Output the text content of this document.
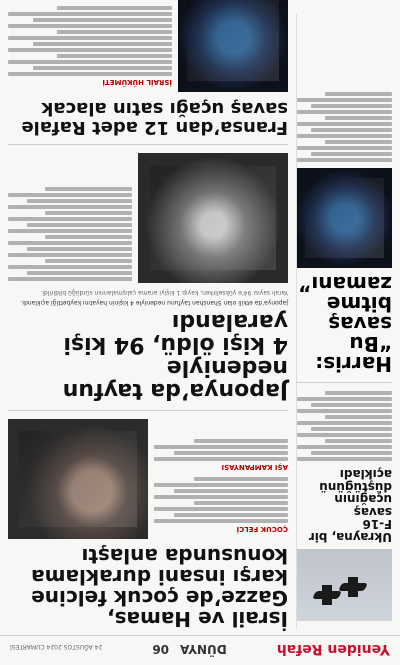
Yeniden Refah
DÜNYA 06
24 AĞUSTOS 2024 CUMARTESİ
Ukrayna, bir F-16
savaş uçağının
düştüğünü açıkladı
Harris: “Bu savaş
bitme zamanı”
İsrail ve Hamas, Gazze’de çocuk felcine
karşı insani duraklama
konusunda anlaştı
ÇOCUK FELCİ
AŞI KAMPANYASI
Japonya’da tayfun nedeniyle
4 kişi öldü, 94 kişi yaralandı
Japonya’da etkili olan Shanshan tayfunu nedeniyle 4 kişinin hayatını kaybettiği açıklandı.
Yaralı sayısı 94’e yükselirken, kayıp 1 kişiyi arama çalışmalarının sürdüğü bildirildi.
Fransa’dan 12 adet Rafale
savaş uçağı satın alacak
İSRAİL HÜKÜMETİ
